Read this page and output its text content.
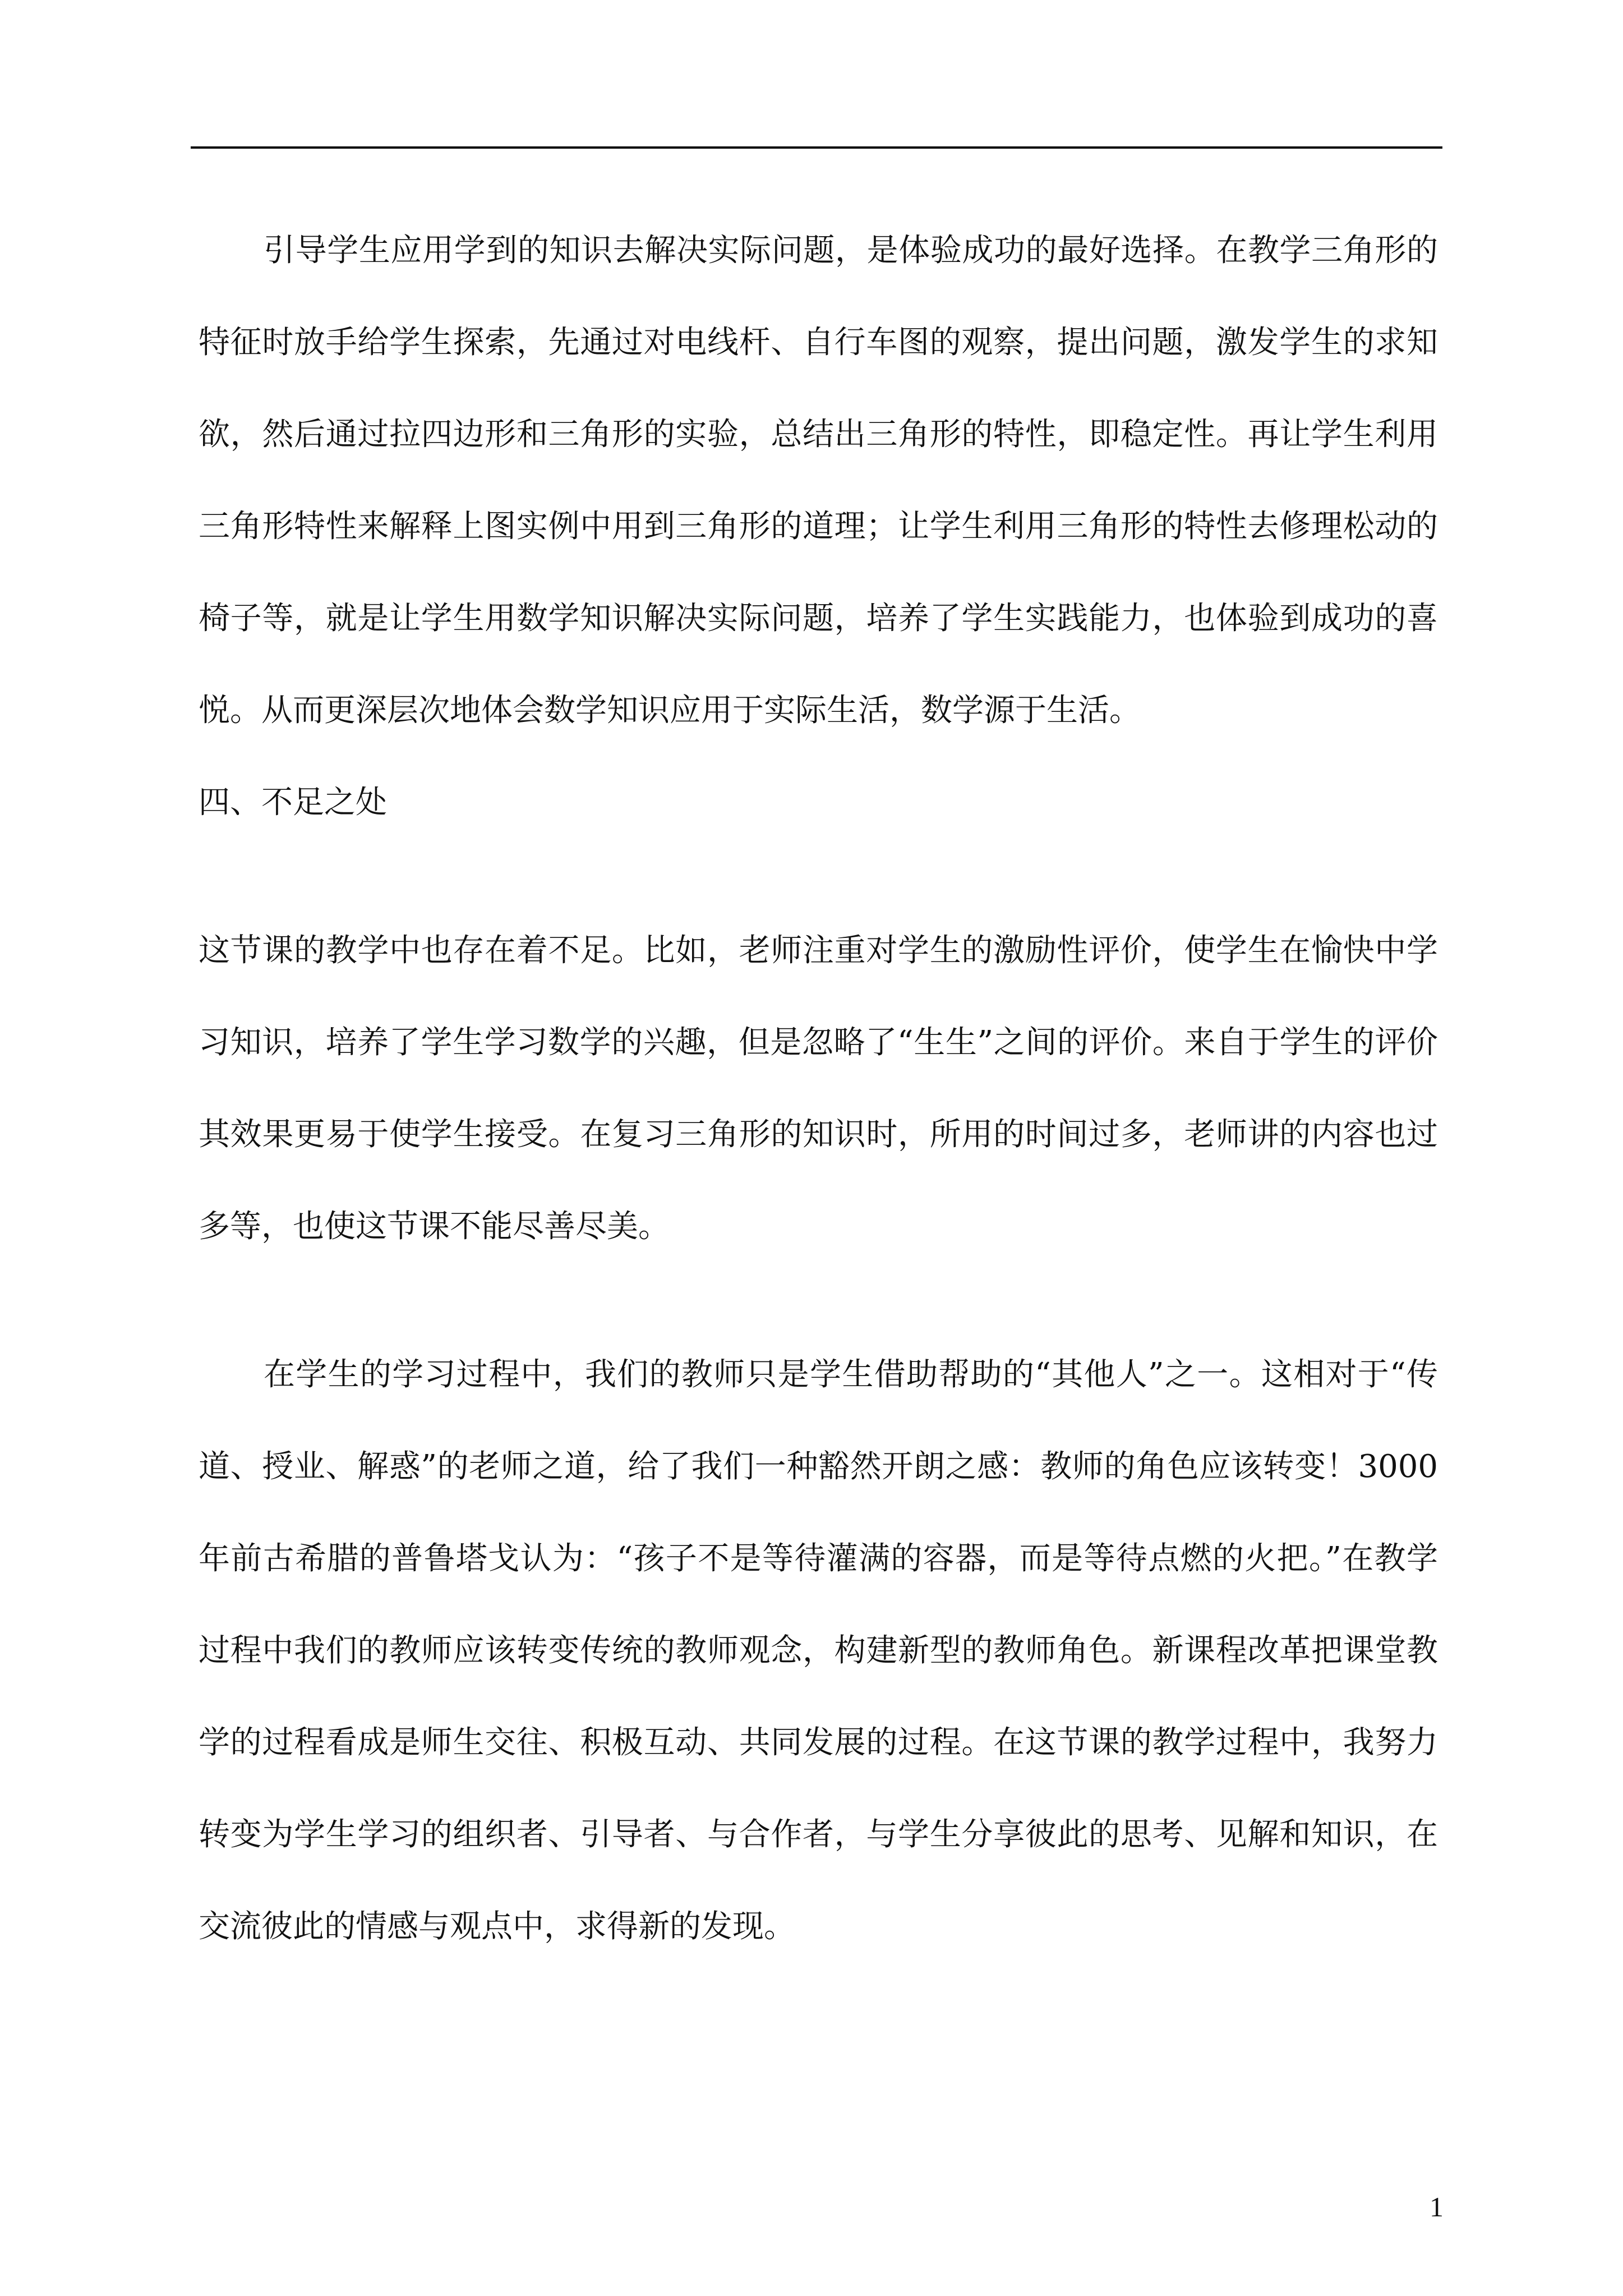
引导学生应用学到的知识去解决实际问题，是体验成功的最好选择。在教学三角形的特征时放手给学生探索，先通过对电线杆、自行车图的观察，提出问题，激发学生的求知欲，然后通过拉四边形和三角形的实验，总结出三角形的特性，即稳定性。再让学生利用三角形特性来解释上图实例中用到三角形的道理；让学生利用三角形的特性去修理松动的椅子等，就是让学生用数学知识解决实际问题，培养了学生实践能力，也体验到成功的喜悦。从而更深层次地体会数学知识应用于实际生活，数学源于生活。

四、不足之处

这节课的教学中也存在着不足。比如，老师注重对学生的激励性评价，使学生在愉快中学习知识，培养了学生学习数学的兴趣，但是忽略了“生生”之间的评价。来自于学生的评价其效果更易于使学生接受。在复习三角形的知识时，所用的时间过多，老师讲的内容也过多等，也使这节课不能尽善尽美。

在学生的学习过程中，我们的教师只是学生借助帮助的“其他人”之一。这相对于“传道、授业、解惑”的老师之道，给了我们一种豁然开朗之感：教师的角色应该转变！3000年前古希腊的普鲁塔戈认为：“孩子不是等待灌满的容器，而是等待点燃的火把。”在教学过程中我们的教师应该转变传统的教师观念，构建新型的教师角色。新课程改革把课堂教学的过程看成是师生交往、积极互动、共同发展的过程。在这节课的教学过程中，我努力转变为学生学习的组织者、引导者、与合作者，与学生分享彼此的思考、见解和知识，在交流彼此的情感与观点中，求得新的发现。

1
